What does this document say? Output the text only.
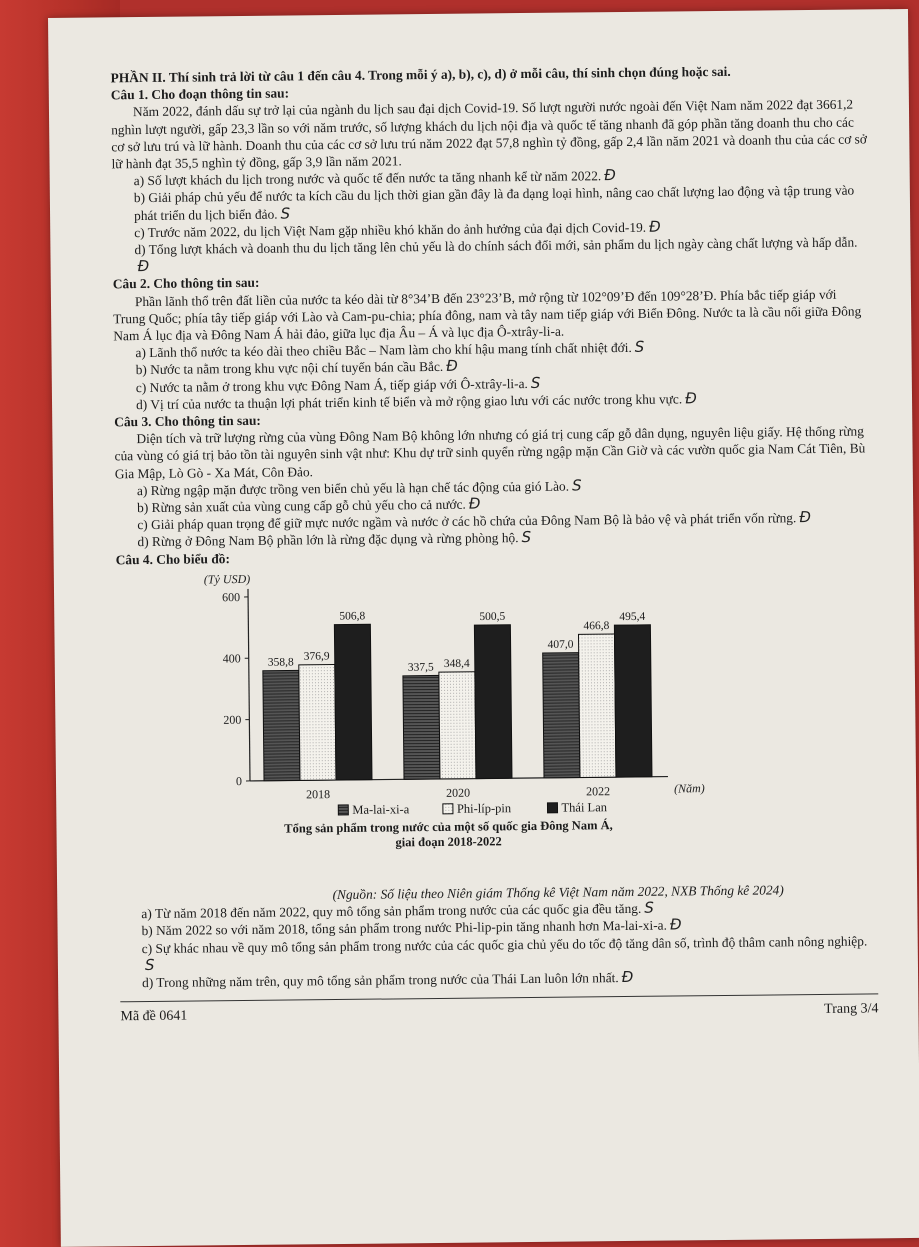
PHẦN II. Thí sinh trả lời từ câu 1 đến câu 4. Trong mỗi ý a), b), c), d) ở mỗi câu, thí sinh chọn đúng hoặc sai.

Câu 1. Cho đoạn thông tin sau:

Năm 2022, đánh dấu sự trở lại của ngành du lịch sau đại dịch Covid-19. Số lượt người nước ngoài đến Việt Nam năm 2022 đạt 3661,2 nghìn lượt người, gấp 23,3 lần so với năm trước, số lượng khách du lịch nội địa và quốc tế tăng nhanh đã góp phần tăng doanh thu cho các cơ sở lưu trú và lữ hành. Doanh thu của các cơ sở lưu trú năm 2022 đạt 57,8 nghìn tỷ đồng, gấp 2,4 lần năm 2021 và doanh thu của các cơ sở lữ hành đạt 35,5 nghìn tỷ đồng, gấp 3,9 lần năm 2021.

a) Số lượt khách du lịch trong nước và quốc tế đến nước ta tăng nhanh kể từ năm 2022. Đ

b) Giải pháp chủ yếu để nước ta kích cầu du lịch thời gian gần đây là đa dạng loại hình, nâng cao chất lượng lao động và tập trung vào phát triển du lịch biển đảo. S

c) Trước năm 2022, du lịch Việt Nam gặp nhiều khó khăn do ảnh hưởng của đại dịch Covid-19. Đ

d) Tổng lượt khách và doanh thu du lịch tăng lên chủ yếu là do chính sách đổi mới, sản phẩm du lịch ngày càng chất lượng và hấp dẫn.Đ

Câu 2. Cho thông tin sau:

Phần lãnh thổ trên đất liền của nước ta kéo dài từ 8°34’B đến 23°23’B, mở rộng từ 102°09’Đ đến 109°28’Đ. Phía bắc tiếp giáp với Trung Quốc; phía tây tiếp giáp với Lào và Cam-pu-chia; phía đông, nam và tây nam tiếp giáp với Biển Đông. Nước ta là cầu nối giữa Đông Nam Á lục địa và Đông Nam Á hải đảo, giữa lục địa Âu – Á và lục địa Ô-xtrây-li-a.

a) Lãnh thổ nước ta kéo dài theo chiều Bắc – Nam làm cho khí hậu mang tính chất nhiệt đới. S

b) Nước ta nằm trong khu vực nội chí tuyến bán cầu Bắc. Đ

c) Nước ta nằm ở trong khu vực Đông Nam Á, tiếp giáp với Ô-xtrây-li-a. S

d) Vị trí của nước ta thuận lợi phát triển kinh tế biển và mở rộng giao lưu với các nước trong khu vực. Đ

Câu 3. Cho thông tin sau:

Diện tích và trữ lượng rừng của vùng Đông Nam Bộ không lớn nhưng có giá trị cung cấp gỗ dân dụng, nguyên liệu giấy. Hệ thống rừng của vùng có giá trị bảo tồn tài nguyên sinh vật như: Khu dự trữ sinh quyển rừng ngập mặn Cần Giờ và các vườn quốc gia Nam Cát Tiên, Bù Gia Mập, Lò Gò - Xa Mát, Côn Đảo.

a) Rừng ngập mặn được trồng ven biển chủ yếu là hạn chế tác động của gió Lào. S

b) Rừng sản xuất của vùng cung cấp gỗ chủ yếu cho cả nước. Đ

c) Giải pháp quan trọng để giữ mực nước ngầm và nước ở các hồ chứa của Đông Nam Bộ là bảo vệ và phát triển vốn rừng. Đ

d) Rừng ở Đông Nam Bộ phần lớn là rừng đặc dụng và rừng phòng hộ. S

Câu 4. Cho biểu đồ:

(Tỷ USD)
0
200
400
600
358,8 376,9
506,8
2018
337,5 348,4
500,5
2020
407,0
466,8
495,4
2022	(Năm)
Ma-lai-xi-a	Phi-líp-pin	Thái Lan
Tổng sản phẩm trong nước của một số quốc gia Đông Nam Á,
giai đoạn 2018-2022

(Nguồn: Số liệu theo Niên giám Thống kê Việt Nam năm 2022, NXB Thống kê 2024)

a) Từ năm 2018 đến năm 2022, quy mô tổng sản phẩm trong nước của các quốc gia đều tăng. S

b) Năm 2022 so với năm 2018, tổng sản phẩm trong nước Phi-lip-pin tăng nhanh hơn Ma-lai-xi-a. Đ

c) Sự khác nhau về quy mô tổng sản phẩm trong nước của các quốc gia chủ yếu do tốc độ tăng dân số, trình độ thâm canh nông nghiệp.S

d) Trong những năm trên, quy mô tổng sản phẩm trong nước của Thái Lan luôn lớn nhất. Đ

Mã đề 0641	Trang 3/4
